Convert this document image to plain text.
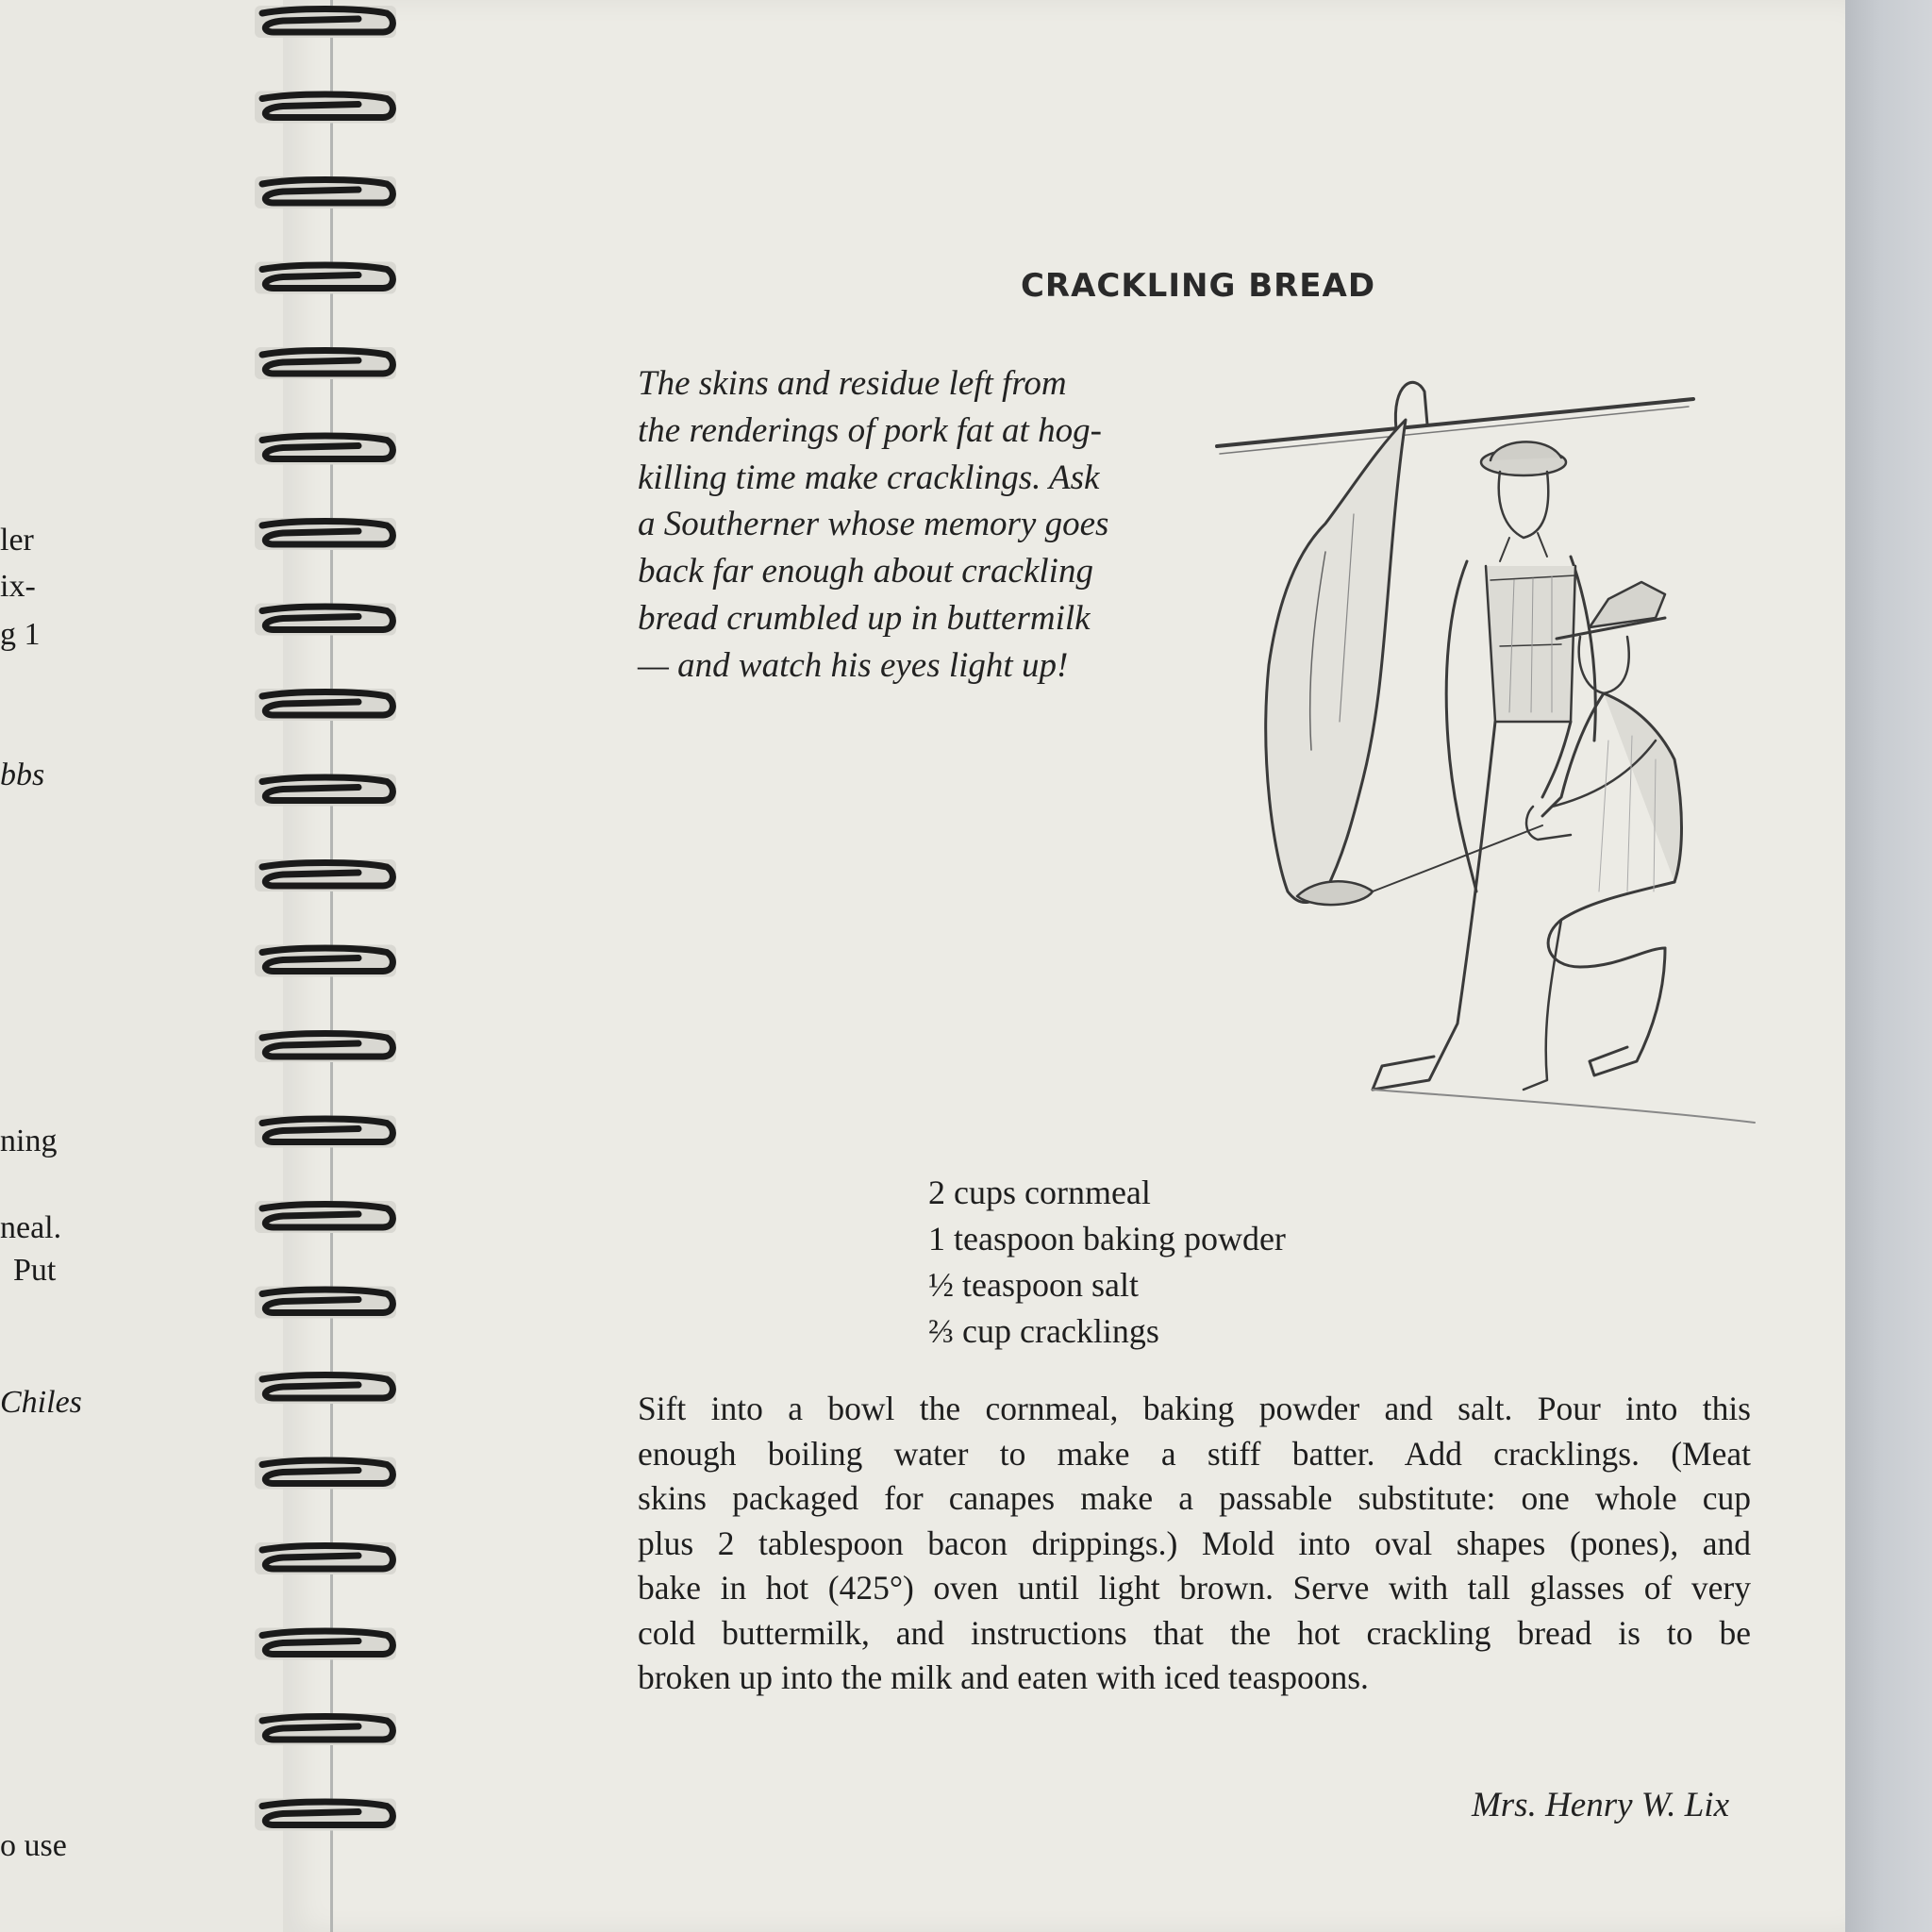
ler
ix-
g 1
bbs
ning
neal.
Put
Chiles
o use
CRACKLING BREAD
The skins and residue left from
the renderings of pork fat at hog-
killing time make cracklings. Ask
a Southerner whose memory goes
back far enough about crackling
bread crumbled up in buttermilk
— and watch his eyes light up!
2 cups cornmeal
1 teaspoon baking powder
½ teaspoon salt
⅔ cup cracklings
Sift into a bowl the cornmeal, baking powder and salt. Pour into this
enough boiling water to make a stiff batter. Add cracklings. (Meat
skins packaged for canapes make a passable substitute: one whole cup
plus 2 tablespoon bacon drippings.) Mold into oval shapes (pones), and
bake in hot (425°) oven until light brown. Serve with tall glasses of very
cold buttermilk, and instructions that the hot crackling bread is to be
broken up into the milk and eaten with iced teaspoons.
Mrs. Henry W. Lix
